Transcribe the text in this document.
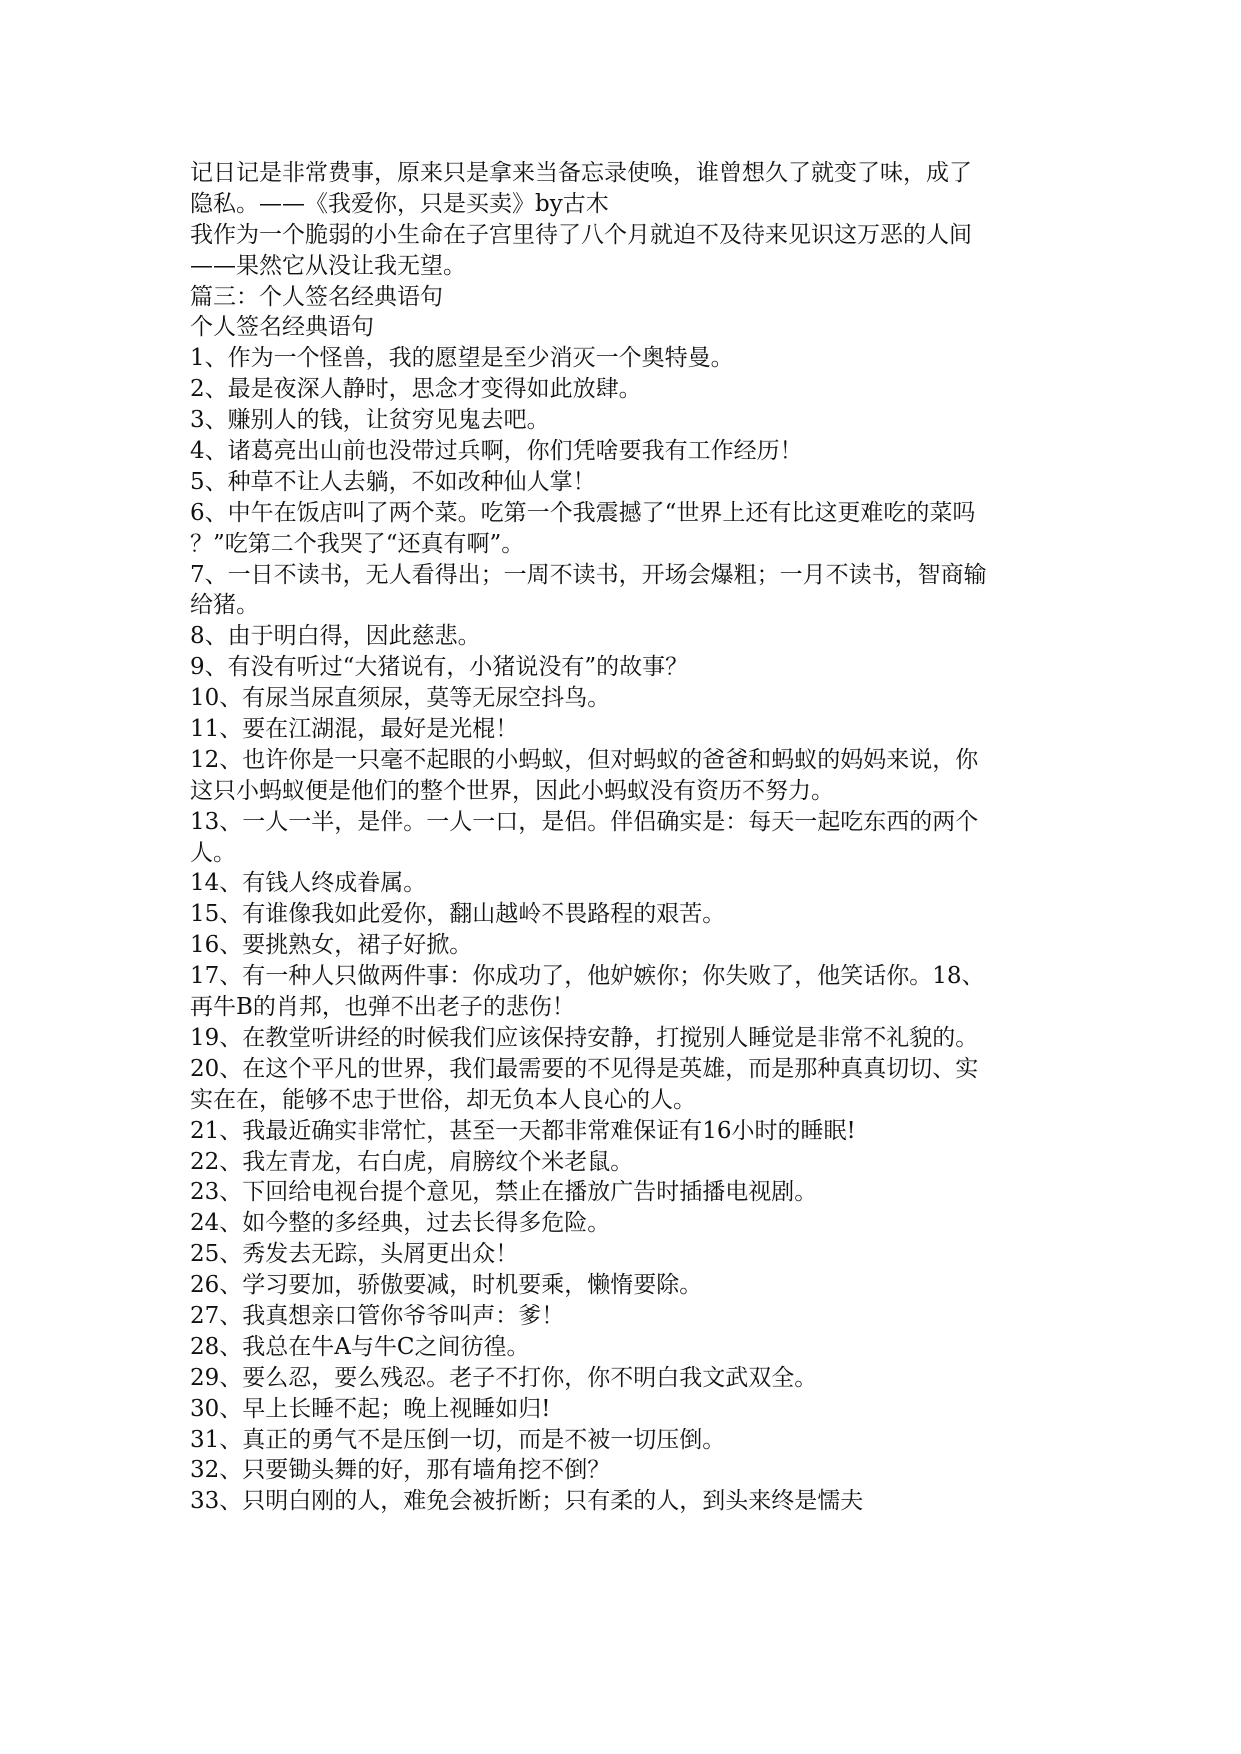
记日记是非常费事，原来只是拿来当备忘录使唤，谁曾想久了就变了味，成了
隐私。——《我爱你，只是买卖》by古木
我作为一个脆弱的小生命在子宫里待了八个月就迫不及待来见识这万恶的人间
——果然它从没让我无望。
篇三：个人签名经典语句
个人签名经典语句
1、作为一个怪兽，我的愿望是至少消灭一个奥特曼。
2、最是夜深人静时，思念才变得如此放肆。
3、赚别人的钱，让贫穷见鬼去吧。
4、诸葛亮出山前也没带过兵啊，你们凭啥要我有工作经历！
5、种草不让人去躺，不如改种仙人掌！
6、中午在饭店叫了两个菜。吃第一个我震撼了“世界上还有比这更难吃的菜吗
？”吃第二个我哭了“还真有啊”。
7、一日不读书，无人看得出；一周不读书，开场会爆粗；一月不读书，智商输
给猪。
8、由于明白得，因此慈悲。
9、有没有听过“大猪说有，小猪说没有”的故事？
10、有尿当尿直须尿，莫等无尿空抖鸟。
11、要在江湖混，最好是光棍！
12、也许你是一只毫不起眼的小蚂蚁，但对蚂蚁的爸爸和蚂蚁的妈妈来说，你
这只小蚂蚁便是他们的整个世界，因此小蚂蚁没有资历不努力。
13、一人一半，是伴。一人一口，是侣。伴侣确实是：每天一起吃东西的两个
人。
14、有钱人终成眷属。
15、有谁像我如此爱你，翻山越岭不畏路程的艰苦。
16、要挑熟女，裙子好掀。
17、有一种人只做两件事：你成功了，他妒嫉你；你失败了，他笑话你。18、
再牛B的肖邦，也弹不出老子的悲伤！
19、在教堂听讲经的时候我们应该保持安静，打搅别人睡觉是非常不礼貌的。
20、在这个平凡的世界，我们最需要的不见得是英雄，而是那种真真切切、实
实在在，能够不忠于世俗，却无负本人良心的人。
21、我最近确实非常忙，甚至一天都非常难保证有16小时的睡眠!
22、我左青龙，右白虎，肩膀纹个米老鼠。
23、下回给电视台提个意见，禁止在播放广告时插播电视剧。
24、如今整的多经典，过去长得多危险。
25、秀发去无踪，头屑更出众！
26、学习要加，骄傲要减，时机要乘，懒惰要除。
27、我真想亲口管你爷爷叫声：爹！
28、我总在牛A与牛C之间彷徨。
29、要么忍，要么残忍。老子不打你，你不明白我文武双全。
30、早上长睡不起；晚上视睡如归!
31、真正的勇气不是压倒一切，而是不被一切压倒。
32、只要锄头舞的好，那有墙角挖不倒？
33、只明白刚的人，难免会被折断；只有柔的人，到头来终是懦夫
